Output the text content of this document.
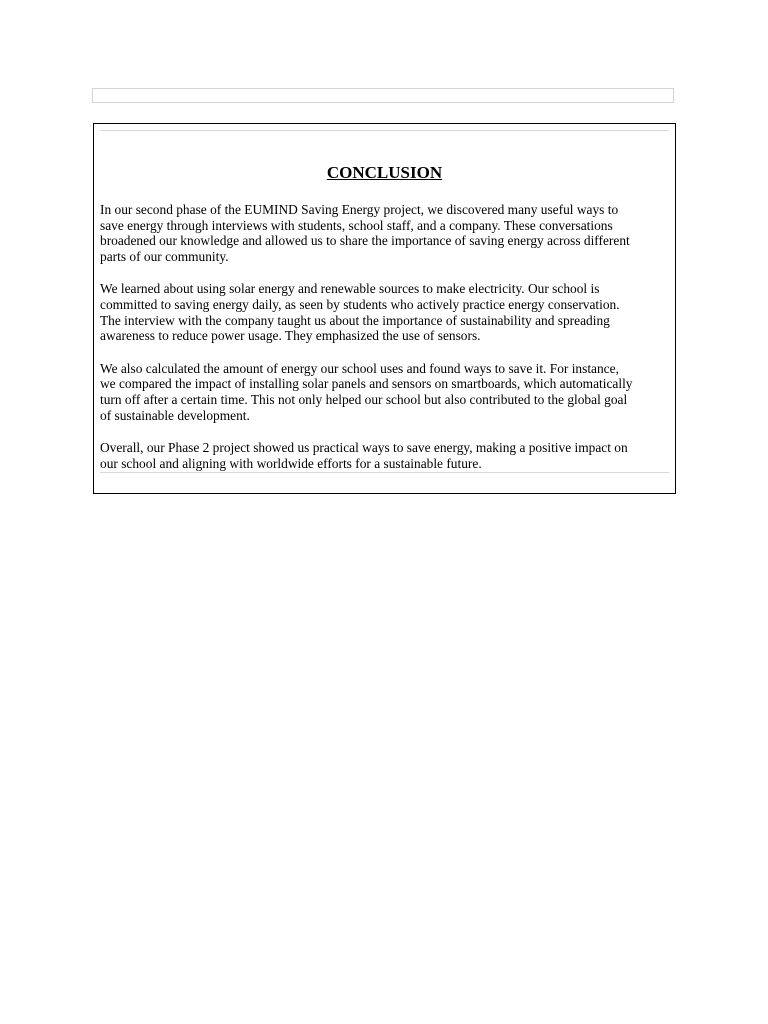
CONCLUSION

In our second phase of the EUMIND Saving Energy project, we discovered many useful ways to
save energy through interviews with students, school staff, and a company. These conversations
broadened our knowledge and allowed us to share the importance of saving energy across different
parts of our community.

We learned about using solar energy and renewable sources to make electricity. Our school is
committed to saving energy daily, as seen by students who actively practice energy conservation.
The interview with the company taught us about the importance of sustainability and spreading
awareness to reduce power usage. They emphasized the use of sensors.

We also calculated the amount of energy our school uses and found ways to save it. For instance,
we compared the impact of installing solar panels and sensors on smartboards, which automatically
turn off after a certain time. This not only helped our school but also contributed to the global goal
of sustainable development.

Overall, our Phase 2 project showed us practical ways to save energy, making a positive impact on
our school and aligning with worldwide efforts for a sustainable future.
